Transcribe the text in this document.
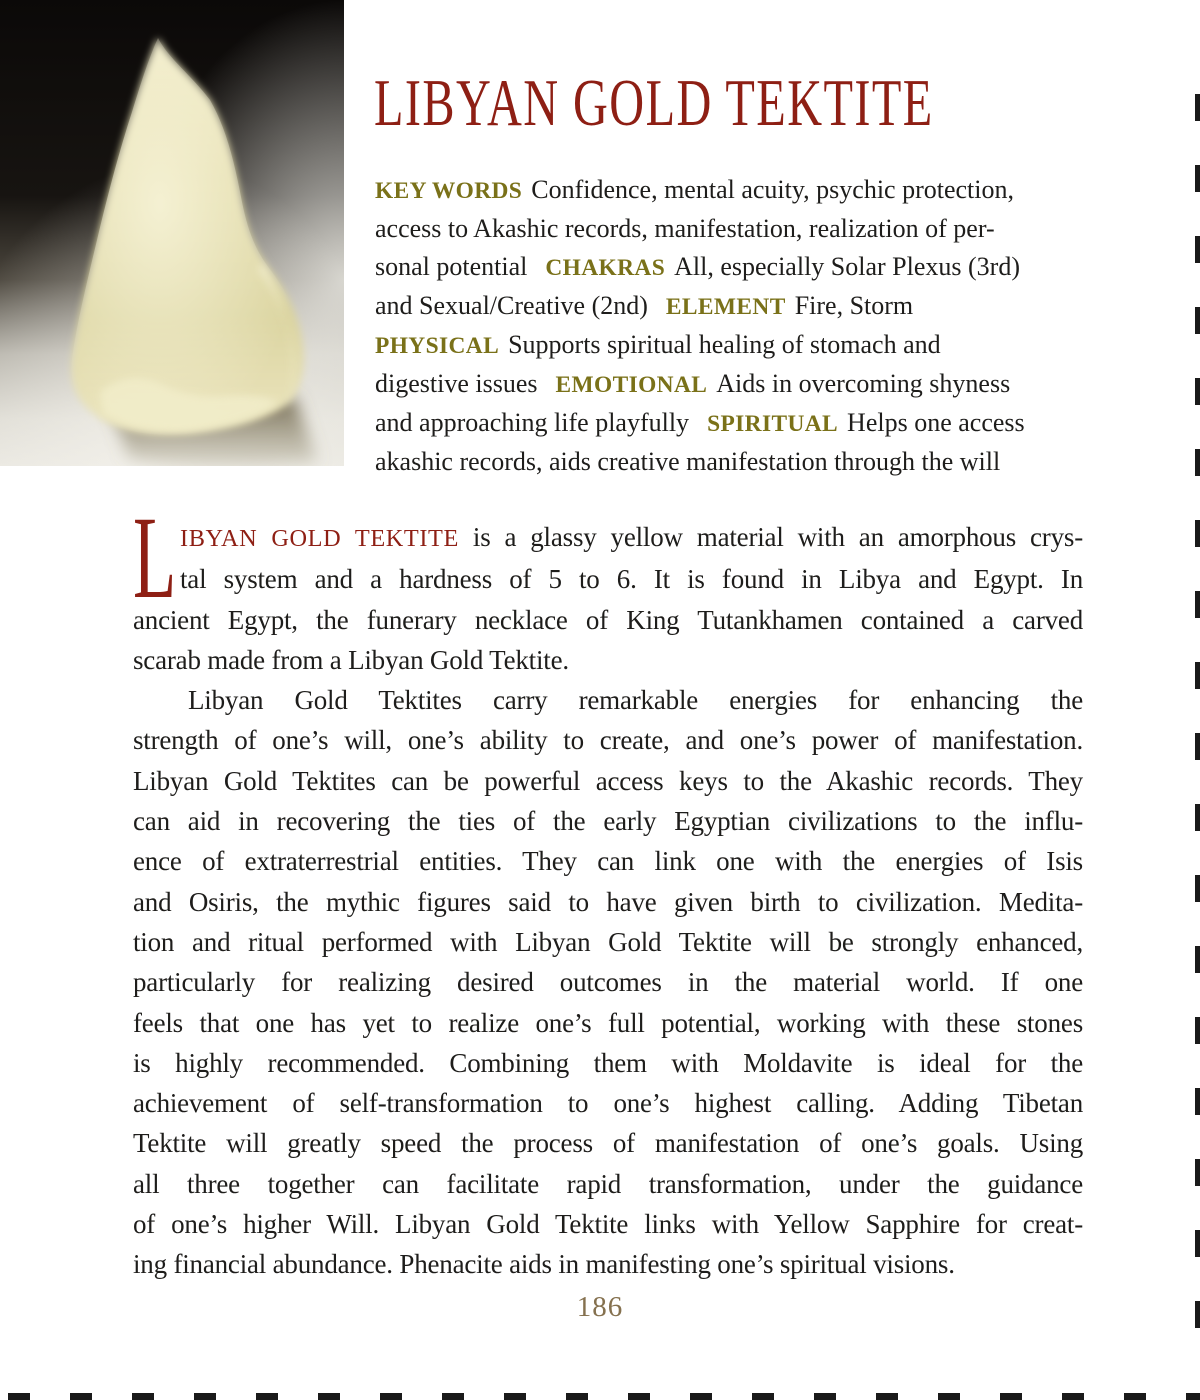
LIBYAN GOLD TEKTITE
KEY WORDS Confidence, mental acuity, psychic protection,
access to Akashic records, manifestation, realization of per-
sonal potential CHAKRAS All, especially Solar Plexus (3rd)
and Sexual/Creative (2nd) ELEMENT Fire, Storm
PHYSICAL Supports spiritual healing of stomach and
digestive issues EMOTIONAL Aids in overcoming shyness
and approaching life playfully SPIRITUAL Helps one access
akashic records, aids creative manifestation through the will
L IBYAN GOLD TEKTITE is a glassy yellow material with an amorphous crys-
tal system and a hardness of 5 to 6. It is found in Libya and Egypt. In
ancient Egypt, the funerary necklace of King Tutankhamen contained a carved
scarab made from a Libyan Gold Tektite.
Libyan Gold Tektites carry remarkable energies for enhancing the
strength of one’s will, one’s ability to create, and one’s power of manifestation.
Libyan Gold Tektites can be powerful access keys to the Akashic records. They
can aid in recovering the ties of the early Egyptian civilizations to the influ-
ence of extraterrestrial entities. They can link one with the energies of Isis
and Osiris, the mythic figures said to have given birth to civilization. Medita-
tion and ritual performed with Libyan Gold Tektite will be strongly enhanced,
particularly for realizing desired outcomes in the material world. If one
feels that one has yet to realize one’s full potential, working with these stones
is highly recommended. Combining them with Moldavite is ideal for the
achievement of self-transformation to one’s highest calling. Adding Tibetan
Tektite will greatly speed the process of manifestation of one’s goals. Using
all three together can facilitate rapid transformation, under the guidance
of one’s higher Will. Libyan Gold Tektite links with Yellow Sapphire for creat-
ing financial abundance. Phenacite aids in manifesting one’s spiritual visions.
186
